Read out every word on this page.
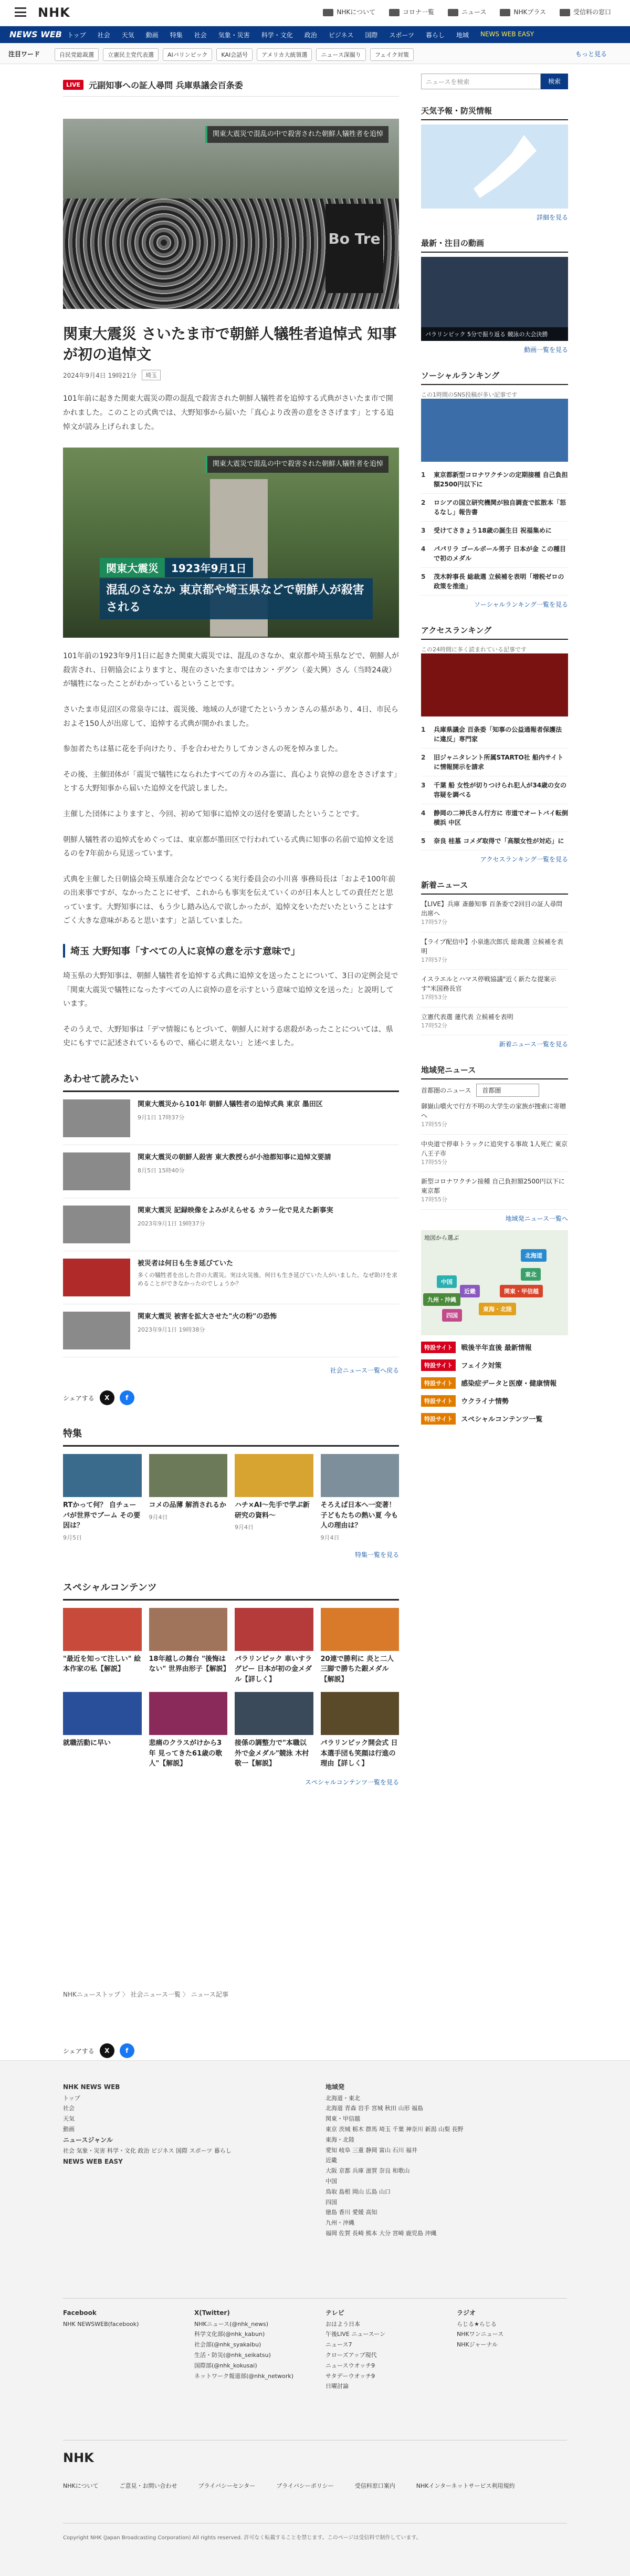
NHK	NHKについて	コロナ一覧	ニュース	NHKプラス	受信料の窓口
NEWS WEB トップ 社会 天気 動画 特集 社会 気象・災害 科学・文化 政治 ビジネス 国際 スポーツ 暮らし 地域 NEWS WEB EASY
注目ワード	自民党総裁選	立憲民主党代表選	AIパリンピック	KAI会話号	アメリカ大統領選	ニュース深掘り	フェイク対策	もっと見る
LIVE	元副知事への証人尋問 兵庫県議会百条委
Bo Tre
関東大震災で混乱の中で殺害された朝鮮人犠牲者を追悼
関東大震災 さいたま市で朝鮮人犠牲者追悼式 知事が初の追悼文
2024年9月4日 19時21分	埼玉

101年前に起きた関東大震災の際の混乱で殺害された朝鮮人犠牲者を追悼する式典がさいたま市で開かれました。このことの式典では、大野知事から届いた「真心より改善の意をささげます」とする追悼文が読み上げられました。

関東大震災で混乱の中で殺害された朝鮮人犠牲者を追悼
関東大震災	1923年9月1日
混乱のさなか 東京都や埼玉県などで朝鮮人が殺害される

101年前の1923年9月1日に起きた関東大震災では、混乱のさなか、東京都や埼玉県などで、朝鮮人が殺害され、日朝協会によりますと、現在のさいたま市ではカン・デグン（姜大興）さん（当時24歳）が犠牲になったことがわかっているということです。

さいたま市見沼区の常泉寺には、震災後、地域の人が建てたというカンさんの墓があり、4日、市民らおよそ150人が出席して、追悼する式典が開かれました。

参加者たちは墓に花を手向けたり、手を合わせたりしてカンさんの死を悼みました。

その後、主催団体が「震災で犠牲になられたすべての方々のみ霊に、真心より哀悼の意をささげます」とする大野知事から届いた追悼文を代読しました。

主催した団体によりますと、今回、初めて知事に追悼文の送付を要請したということです。

朝鮮人犠牲者の追悼式をめぐっては、東京都が墨田区で行われている式典に知事の名前で追悼文を送るのを7年前から見送っています。

式典を主催した日朝協会埼玉県連合会などでつくる実行委員会の小川喜 事務局長は「およそ100年前の出来事ですが、なかったことにせず、これからも事実を伝えていくのが日本人としての責任だと思っています。大野知事には、もう少し踏み込んで欲しかったが、追悼文をいただいたということはすごく大きな意味があると思います」と話していました。

埼玉 大野知事「すべての人に哀悼の意を示す意味で」

埼玉県の大野知事は、朝鮮人犠牲者を追悼する式典に追悼文を送ったことについて、3日の定例会見で「関東大震災で犠牲になったすべての人に哀悼の意を示すという意味で追悼文を送った」と説明しています。

そのうえで、大野知事は「デマ情報にもとづいて、朝鮮人に対する虐殺があったことについては、県史にもすでに記述されているもので、痛心に堪えない」と述べました。

あわせて読みたい
関東大震災から101年 朝鮮人犠牲者の追悼式典 東京 墨田区
9月1日 17時37分
関東大震災の朝鮮人殺害 東大教授らが小池都知事に追悼文要請
8月5日 15時40分
関東大震災 記録映像をよみがえらせる カラー化で見えた新事実
2023年9月1日 19時37分
被災者は何日も生き延びていた
多くの犠牲者を出した昔の大震災。実は火災後、何日も生き延びていた人がいました。なぜ助けを求めることができなかったのでしょうか？
関東大震災 被害を拡大させた"火の粉"の恐怖
2023年9月1日 19時38分
社会ニュース一覧へ戻る
シェアする	X	f
特集
RTかって何？ 自チューバが世界でブーム その要因は？
9月5日
コメの品薄 解消されるか
9月4日
ハチ×AI〜先手で学ぶ新研究の資料〜
9月4日
そろえば日本へ一変著！子どもたちの熱い夏 今も人の理由は？
9月4日
特集一覧を見る
スペシャルコンテンツ
"最近を知って注しい" 絵本作家の私【解説】
18年越しの舞台 "後悔はない" 世界由形子【解説】
パラリンピック 車いすラグビー 日本が初の金メダル【詳しく】
20連で勝利に 炎と二人三脚で勝ちた銀メダル【解説】
就職活動に早い	悲痛のクラスがけから3年 見ってきた61歳の歌人"【解説】
接係の調整力で"本職以外で金メダル"競泳 木村敬一【解説】
パラリンピック開会式 日本選手団も笑顔は行進の理由【詳しく】
スペシャルコンテンツ一覧を見る
ニュースを検索	検索
天気予報・防災情報
詳細を見る
最新・注目の動画
パラリンピック 5分で振り返る 競泳の大会決勝
動画一覧を見る
ソーシャルランキング
この1時間のSNS投稿が多い記事です
1	東京都新型コロナワクチンの定期接種 自己負担額2500円以下に
2	ロシアの国立研究機関が独自調査で拡散本「怒るなし」報告書
3	受けてさきょう18歳の誕生日 祝福集めに
4	パパリラ ゴールボール男子 日本が金 この種目で初のメダル
5	茂木幹事長 総裁選 立候補を表明「増税ゼロの政策を推進」
ソーシャルランキング一覧を見る
アクセスランキング
この24時間に多く読まれている記事です
1	兵庫県議会 百条委「知事の公益通報者保護法に違反」専門家
2	旧ジャニタレント所属STARTO社 船内サイトに情報開示を請求
3	千葉 船 女性が切りつけられ犯人が34歳の女の容疑を調べる
4	静岡の二神氏さん行方に 市道でオートバイ転倒 横浜 中区
5	奈良 桂墓 コメダ取得で「高額女性が対応」に
アクセスランキング一覧を見る
新着ニュース
【LIVE】兵庫 斎藤知事 百条委で2回目の証人尋問出席へ
17時57分
【ライブ配信中】小泉進次郎氏 総裁選 立候補を表明
17時57分
イスラエルとハマス停戦協議"近く新たな提案示す"米国務長官
17時53分
立憲代表選 蓮代表 立候補を表明
17時52分
新着ニュース一覧を見る
地域発ニュース
首都圏のニュース	首都圏
御嶽山噴火で行方不明の大学生の家族が捜索に寄贈へ
17時55分
中央道で停車トラックに追突する事故 1人死亡 東京 八王子市
17時55分
新型コロナワクチン接種 自己負担額2500円以下に 東京都
17時55分
地域発ニュース一覧へ
地図から選ぶ
北海道
東北
関東・甲信越
東海・北陸
近畿
中国
四国
九州・沖縄
特設サイト	戦後半年直後 最新情報
特設サイト	フェイク対策
特設サイト	感染症データと医療・健康情報
特設サイト	ウクライナ情勢
特設サイト	スペシャルコンテンツ一覧
NHKニューストップ 〉 社会ニュース一覧 〉 ニュース記事
シェアする	X	f
NHK NEWS WEB
トップ
社会
天気
動画
ニュースジャンル
社会 気象・災害 科学・文化 政治 ビジネス 国際 スポーツ 暮らし
NEWS WEB EASY
地域発
北海道・東北
北海道 青森 岩手 宮城 秋田 山形 福島
関東・甲信越
東京 茨城 栃木 群馬 埼玉 千葉 神奈川 新潟 山梨 長野
東海・北陸
愛知 岐阜 三重 静岡 富山 石川 福井
近畿
大阪 京都 兵庫 滋賀 奈良 和歌山
中国
鳥取 島根 岡山 広島 山口
四国
徳島 香川 愛媛 高知
九州・沖縄
福岡 佐賀 長崎 熊本 大分 宮崎 鹿児島 沖縄
Facebook
NHK NEWSWEB(facebook)
X(Twitter)
NHKニュース(@nhk_news)
科学文化部(@nhk_kabun)
社会部(@nhk_syakaibu)
生活・防災(@nhk_seikatsu)
国際部(@nhk_kokusai)
ネットワーク報道部(@nhk_network)
テレビ
おはよう日本
午後LIVE ニュースーン
ニュース7
クローズアップ現代
ニュースウオッチ9
サタデーウオッチ9
日曜討論
ラジオ
らじる★らじる
NHKワンニュース
NHKジャーナル
NHK
NHKについて	ご意見・お問い合わせ	プライバシーセンター	プライバシーポリシー	受信料窓口案内	NHKインターネットサービス利用規約
Copyright NHK (Japan Broadcasting Corporation) All rights reserved. 許可なく転載することを禁じます。このページは受信料で制作しています。
